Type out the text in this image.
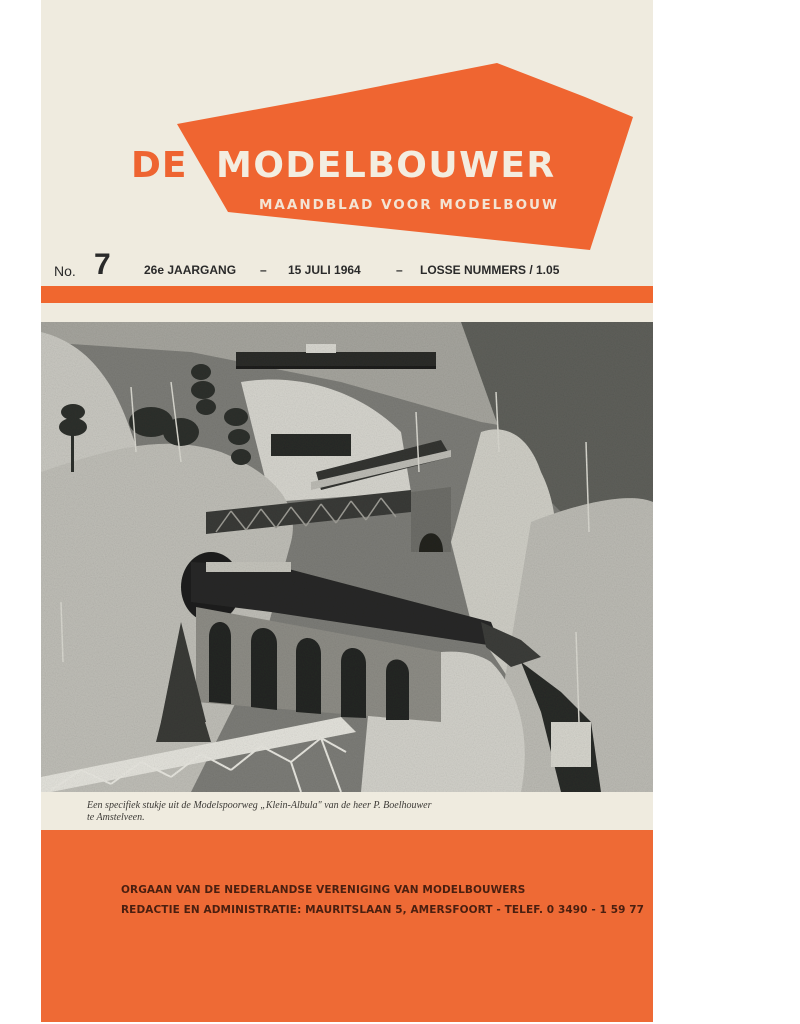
DE MODELBOUWER
MAANDBLAD VOOR MODELBOUW
No. 7	26e JAARGANG – 15 JULI 1964	– LOSSE NUMMERS / 1.05
Een specifiek stukje uit de Modelspoorweg „Klein-Albula" van de heer P. Boelhouwer
te Amstelveen.
ORGAAN VAN DE NEDERLANDSE VERENIGING VAN MODELBOUWERS
REDACTIE EN ADMINISTRATIE: MAURITSLAAN 5, AMERSFOORT - TELEF. 0 3490 - 1 59 77
